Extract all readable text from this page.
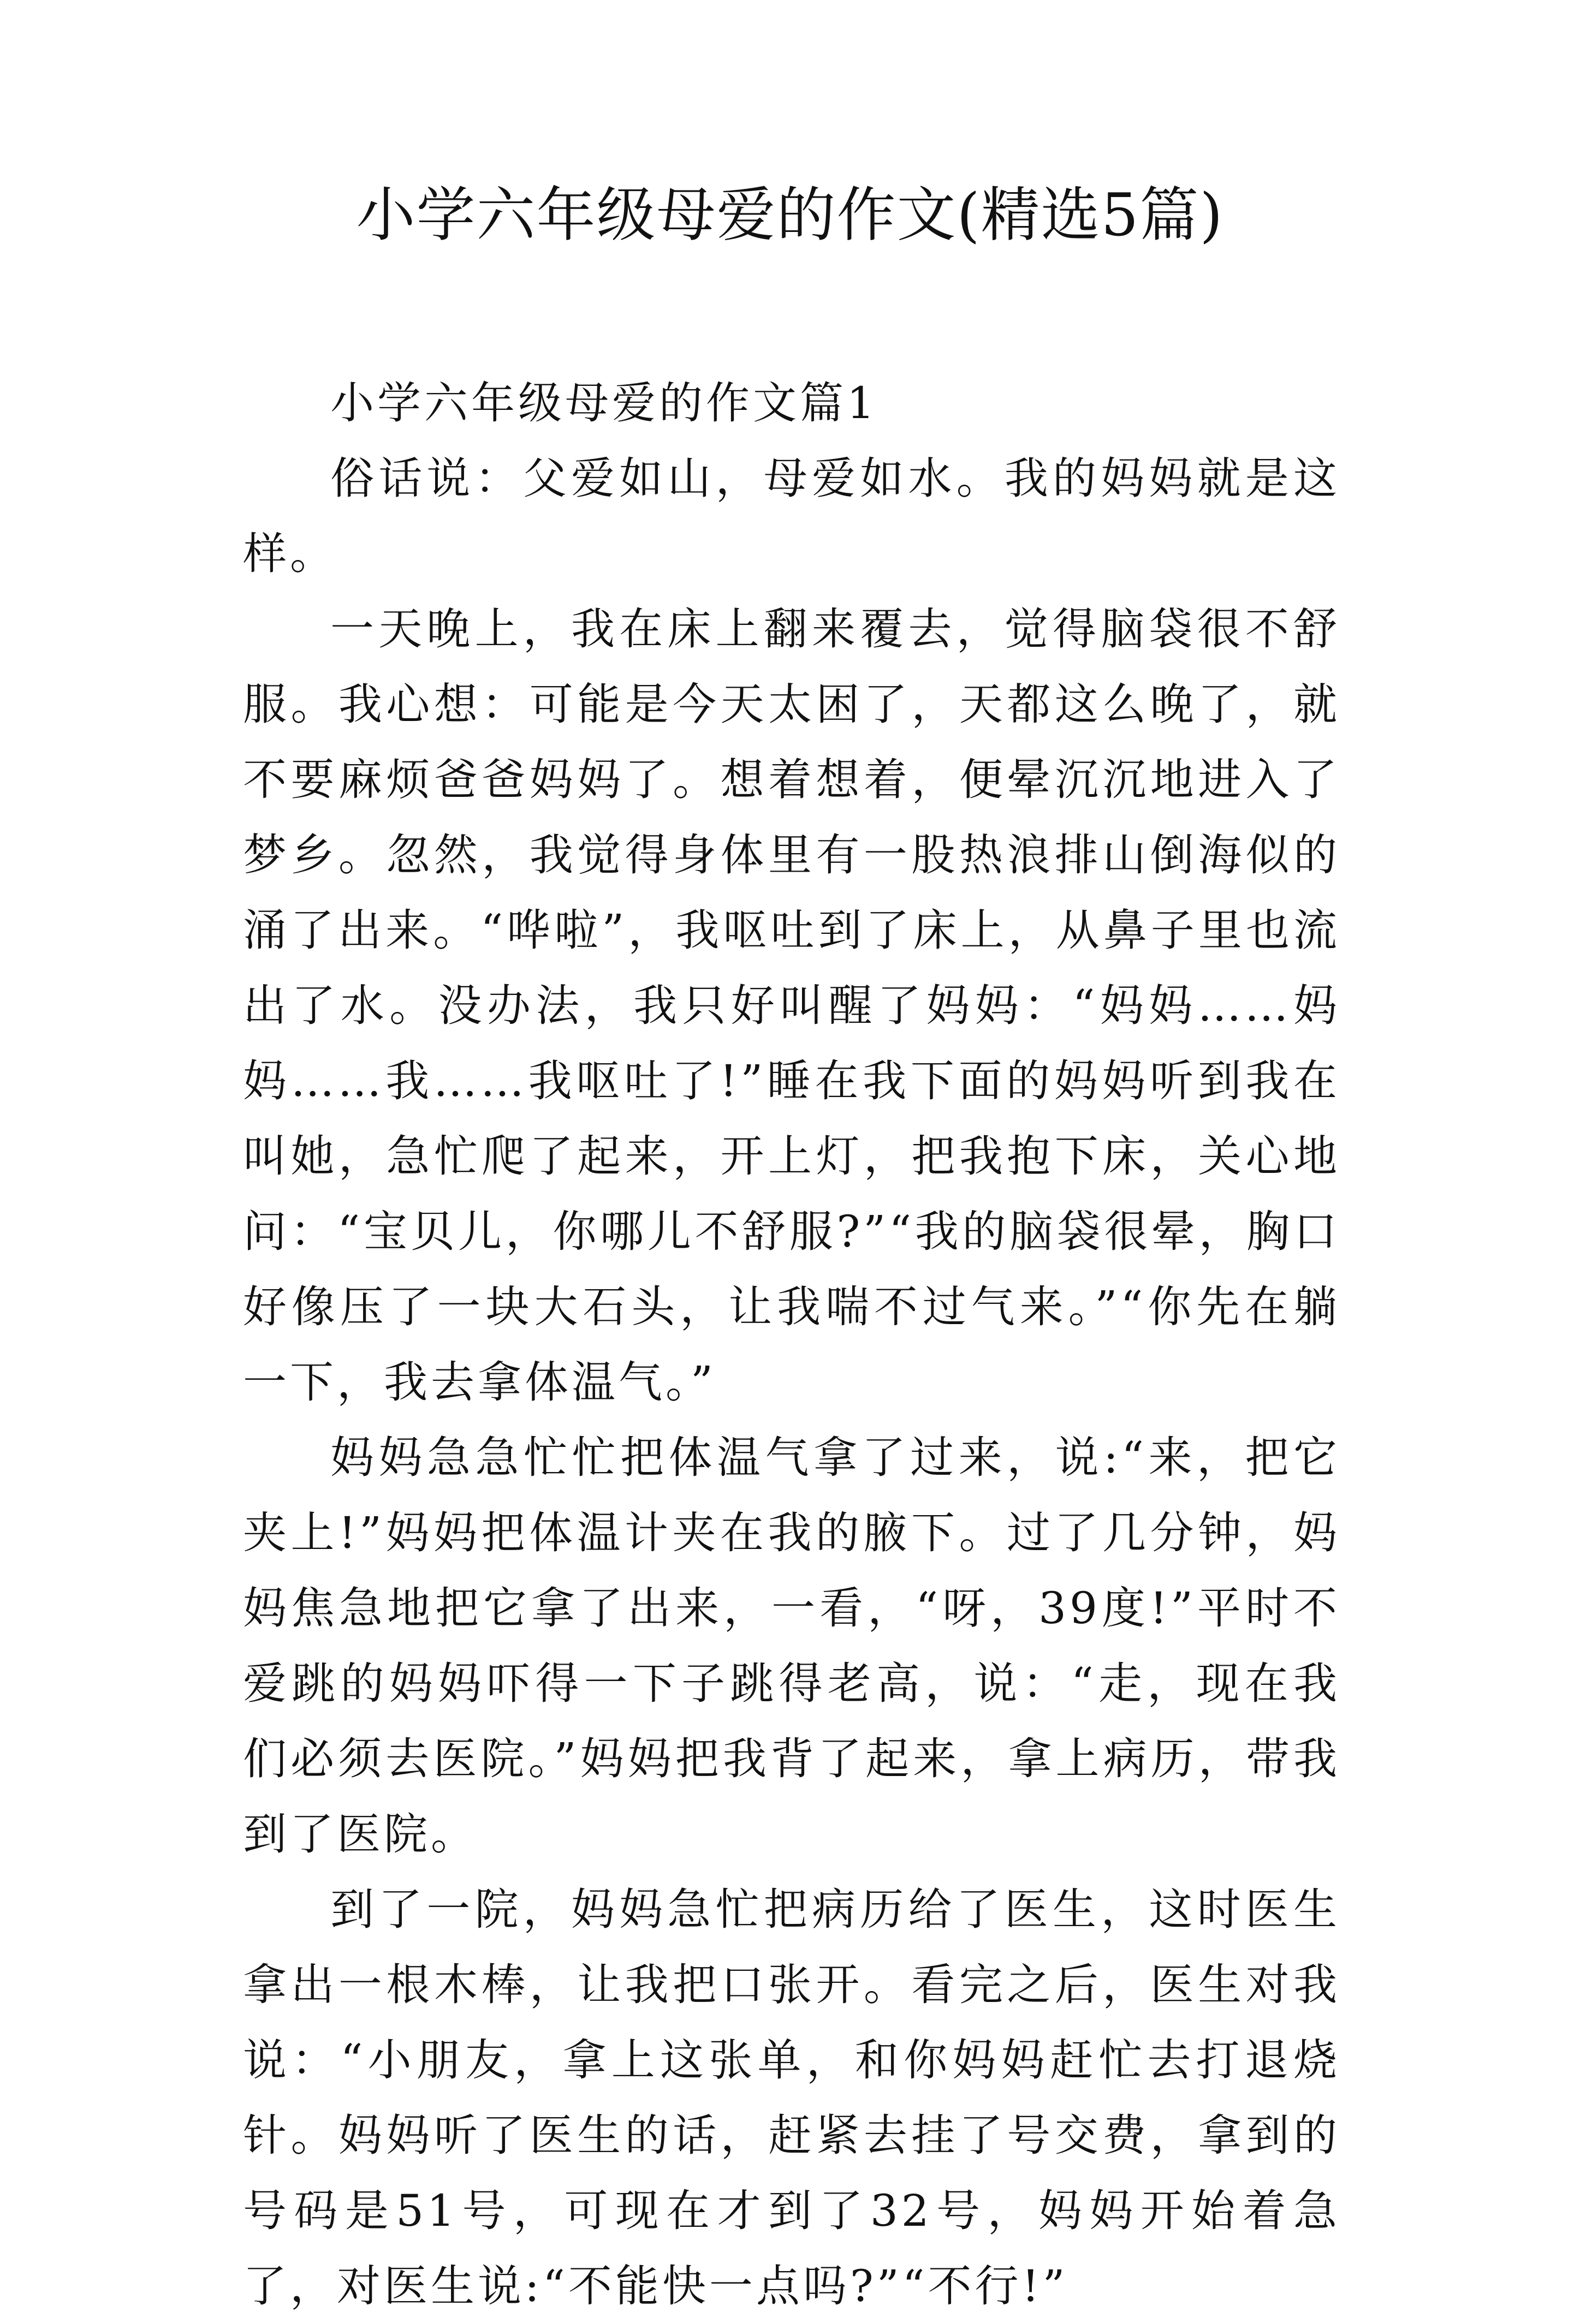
小学六年级母爱的作文(精选5篇)

小学六年级母爱的作文篇1

俗话说：父爱如山，母爱如水。我的妈妈就是这样。

一天晚上，我在床上翻来覆去，觉得脑袋很不舒服。我心想：可能是今天太困了，天都这么晚了，就不要麻烦爸爸妈妈了。想着想着，便晕沉沉地进入了梦乡。忽然，我觉得身体里有一股热浪排山倒海似的涌了出来。“哗啦”，我呕吐到了床上，从鼻子里也流出了水。没办法，我只好叫醒了妈妈：“妈妈……妈妈……我……我呕吐了!”睡在我下面的妈妈听到我在叫她，急忙爬了起来，开上灯，把我抱下床，关心地问：“宝贝儿，你哪儿不舒服?”“我的脑袋很晕，胸口好像压了一块大石头，让我喘不过气来。”“你先在躺一下，我去拿体温气。”

妈妈急急忙忙把体温气拿了过来，说:“来，把它夹上!”妈妈把体温计夹在我的腋下。过了几分钟，妈妈焦急地把它拿了出来，一看，“呀，39度!”平时不爱跳的妈妈吓得一下子跳得老高，说：“走，现在我们必须去医院。”妈妈把我背了起来，拿上病历，带我到了医院。

到了一院，妈妈急忙把病历给了医生，这时医生拿出一根木棒，让我把口张开。看完之后，医生对我说：“小朋友，拿上这张单，和你妈妈赶忙去打退烧针。妈妈听了医生的话，赶紧去挂了号交费，拿到的号码是51号，可现在才到了32号，妈妈开始着急了，对医生说:“不能快一点吗?”“不行!”
